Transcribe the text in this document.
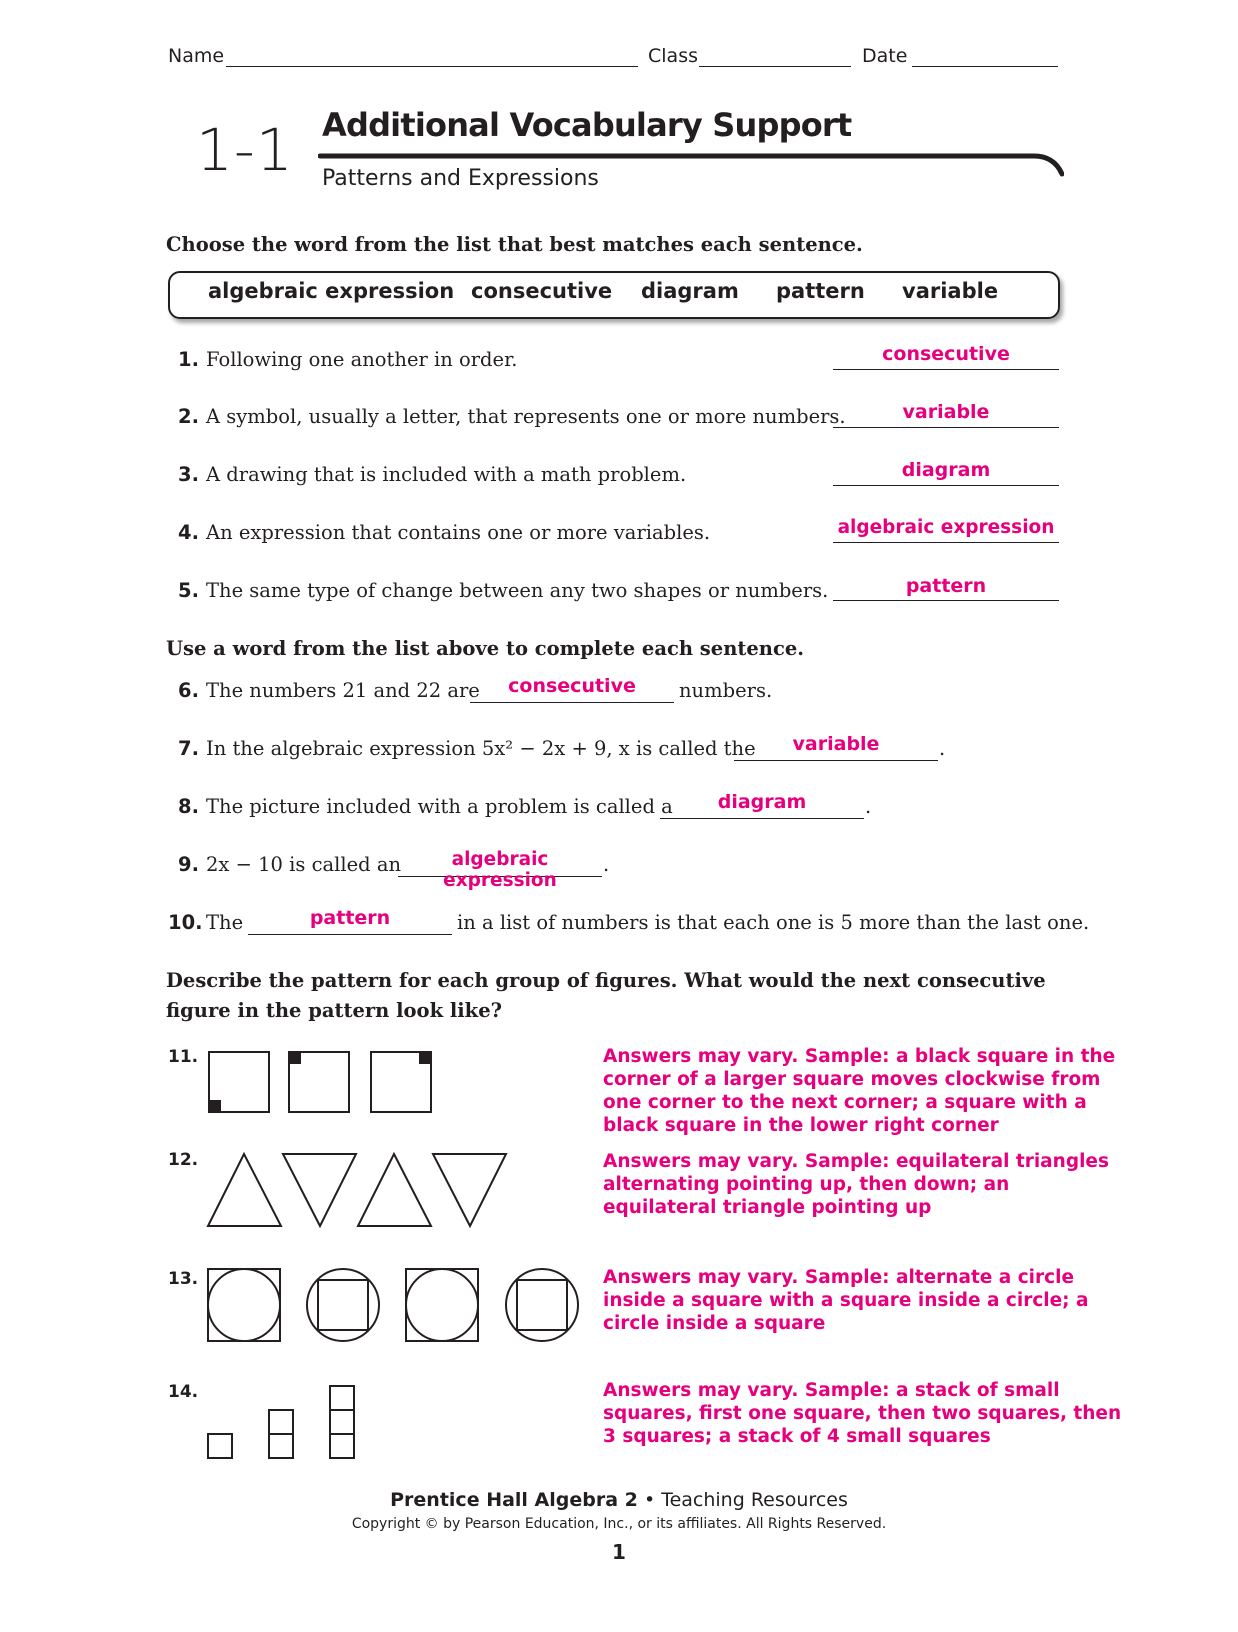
Name	Class	Date
1-1 Additional Vocabulary Support
Patterns and Expressions
Choose the word from the list that best matches each sentence.
algebraic expression consecutive diagram pattern variable
1. Following one another in order.	consecutive
2. A symbol, usually a letter, that represents one or more numbers.	variable
3. A drawing that is included with a math problem.	diagram
4. An expression that contains one or more variables.	algebraic expression
5. The same type of change between any two shapes or numbers.	pattern
Use a word from the list above to complete each sentence.
6. The numbers 21 and 22 are	consecutive	numbers.
7. In the algebraic expression 5x² − 2x + 9, x is called the	variable	.
8. The picture included with a problem is called a	diagram	.
9. 2x − 10 is called an	algebraic expression
.
10. The	pattern	in a list of numbers is that each one is 5 more than the last one.
Describe the pattern for each group of figures. What would the next consecutive
figure in the pattern look like?
11.	Answers may vary. Sample: a black square in the corner of a larger square moves clockwise from one corner to the next corner; a square with a black square in the lower right corner
12.	Answers may vary. Sample: equilateral triangles alternating pointing up, then down; an equilateral triangle pointing up
13.	Answers may vary. Sample: alternate a circle inside a square with a square inside a circle; a circle inside a square
14.	Answers may vary. Sample: a stack of small squares, first one square, then two squares, then 3 squares; a stack of 4 small squares
Prentice Hall Algebra 2 • Teaching Resources
Copyright © by Pearson Education, Inc., or its affiliates. All Rights Reserved.
1
